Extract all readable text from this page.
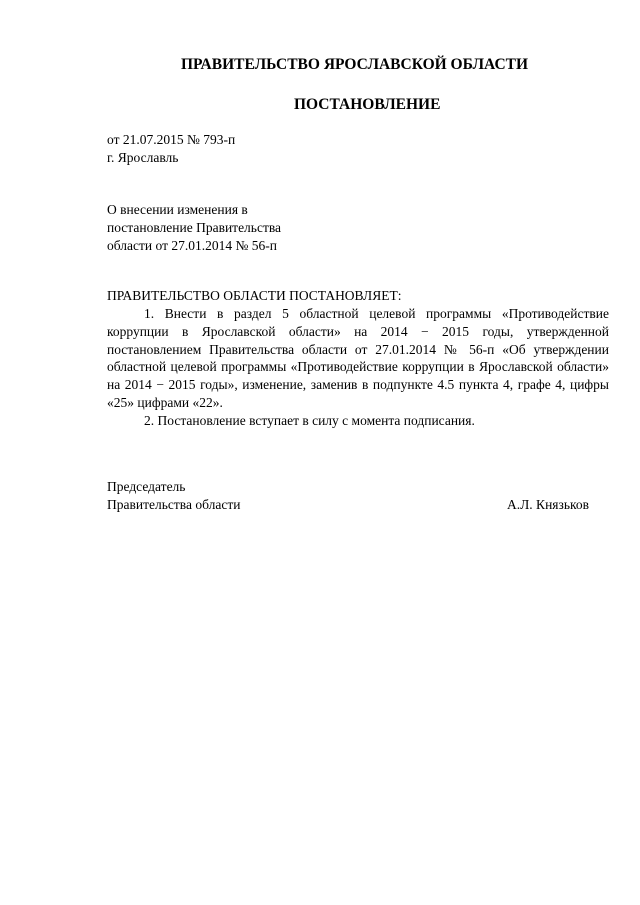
ПРАВИТЕЛЬСТВО ЯРОСЛАВСКОЙ ОБЛАСТИ
ПОСТАНОВЛЕНИЕ
от 21.07.2015 № 793-п
г. Ярославль
О внесении изменения в
постановление Правительства
области от 27.01.2014 № 56-п
ПРАВИТЕЛЬСТВО ОБЛАСТИ ПОСТАНОВЛЯЕТ:

1. Внести в раздел 5 областной целевой программы «Противодействие коррупции в Ярославской области» на 2014 − 2015 годы, утвержденной постановлением Правительства области от 27.01.2014 № 56-п «Об утверждении областной целевой программы «Противодействие коррупции в Ярославской области» на 2014 − 2015 годы», изменение, заменив в подпункте 4.5 пункта 4, графе 4, цифры «25» цифрами «22».

2. Постановление вступает в силу с момента подписания.

Председатель
Правительства области	А.Л. Князьков
